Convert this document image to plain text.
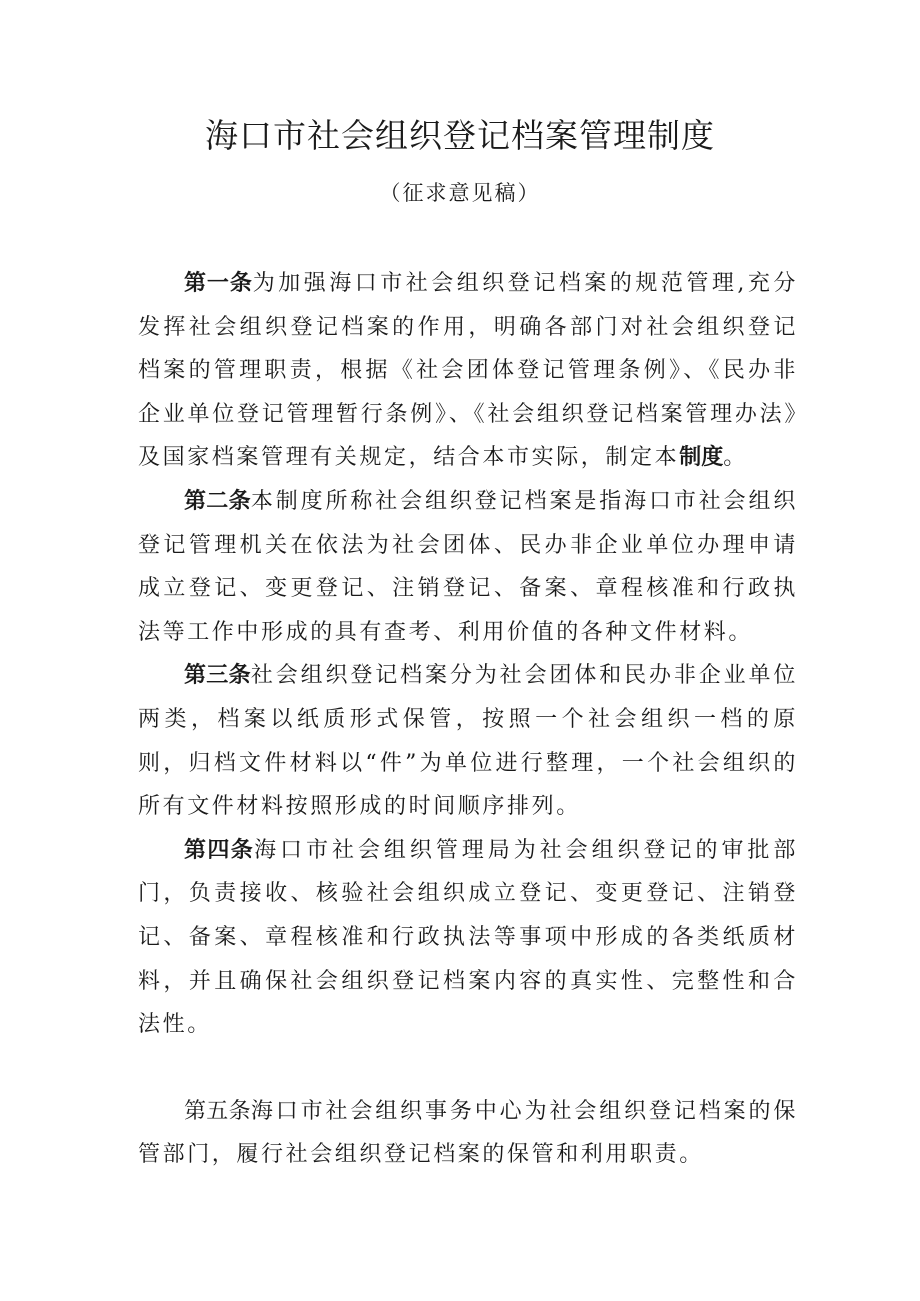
海口市社会组织登记档案管理制度
（征求意见稿）

第一条为加强海口市社会组织登记档案的规范管理,充分发挥社会组织登记档案的作用，明确各部门对社会组织登记档案的管理职责，根据《社会团体登记管理条例》、《民办非企业单位登记管理暂行条例》、《社会组织登记档案管理办法》及国家档案管理有关规定，结合本市实际，制定本制度。

第二条本制度所称社会组织登记档案是指海口市社会组织登记管理机关在依法为社会团体、民办非企业单位办理申请成立登记、变更登记、注销登记、备案、章程核准和行政执法等工作中形成的具有查考、利用价值的各种文件材料。

第三条社会组织登记档案分为社会团体和民办非企业单位两类，档案以纸质形式保管，按照一个社会组织一档的原则，归档文件材料以“件”为单位进行整理，一个社会组织的所有文件材料按照形成的时间顺序排列。

第四条海口市社会组织管理局为社会组织登记的审批部门，负责接收、核验社会组织成立登记、变更登记、注销登记、备案、章程核准和行政执法等事项中形成的各类纸质材料，并且确保社会组织登记档案内容的真实性、完整性和合法性。

第五条海口市社会组织事务中心为社会组织登记档案的保管部门，履行社会组织登记档案的保管和利用职责。
